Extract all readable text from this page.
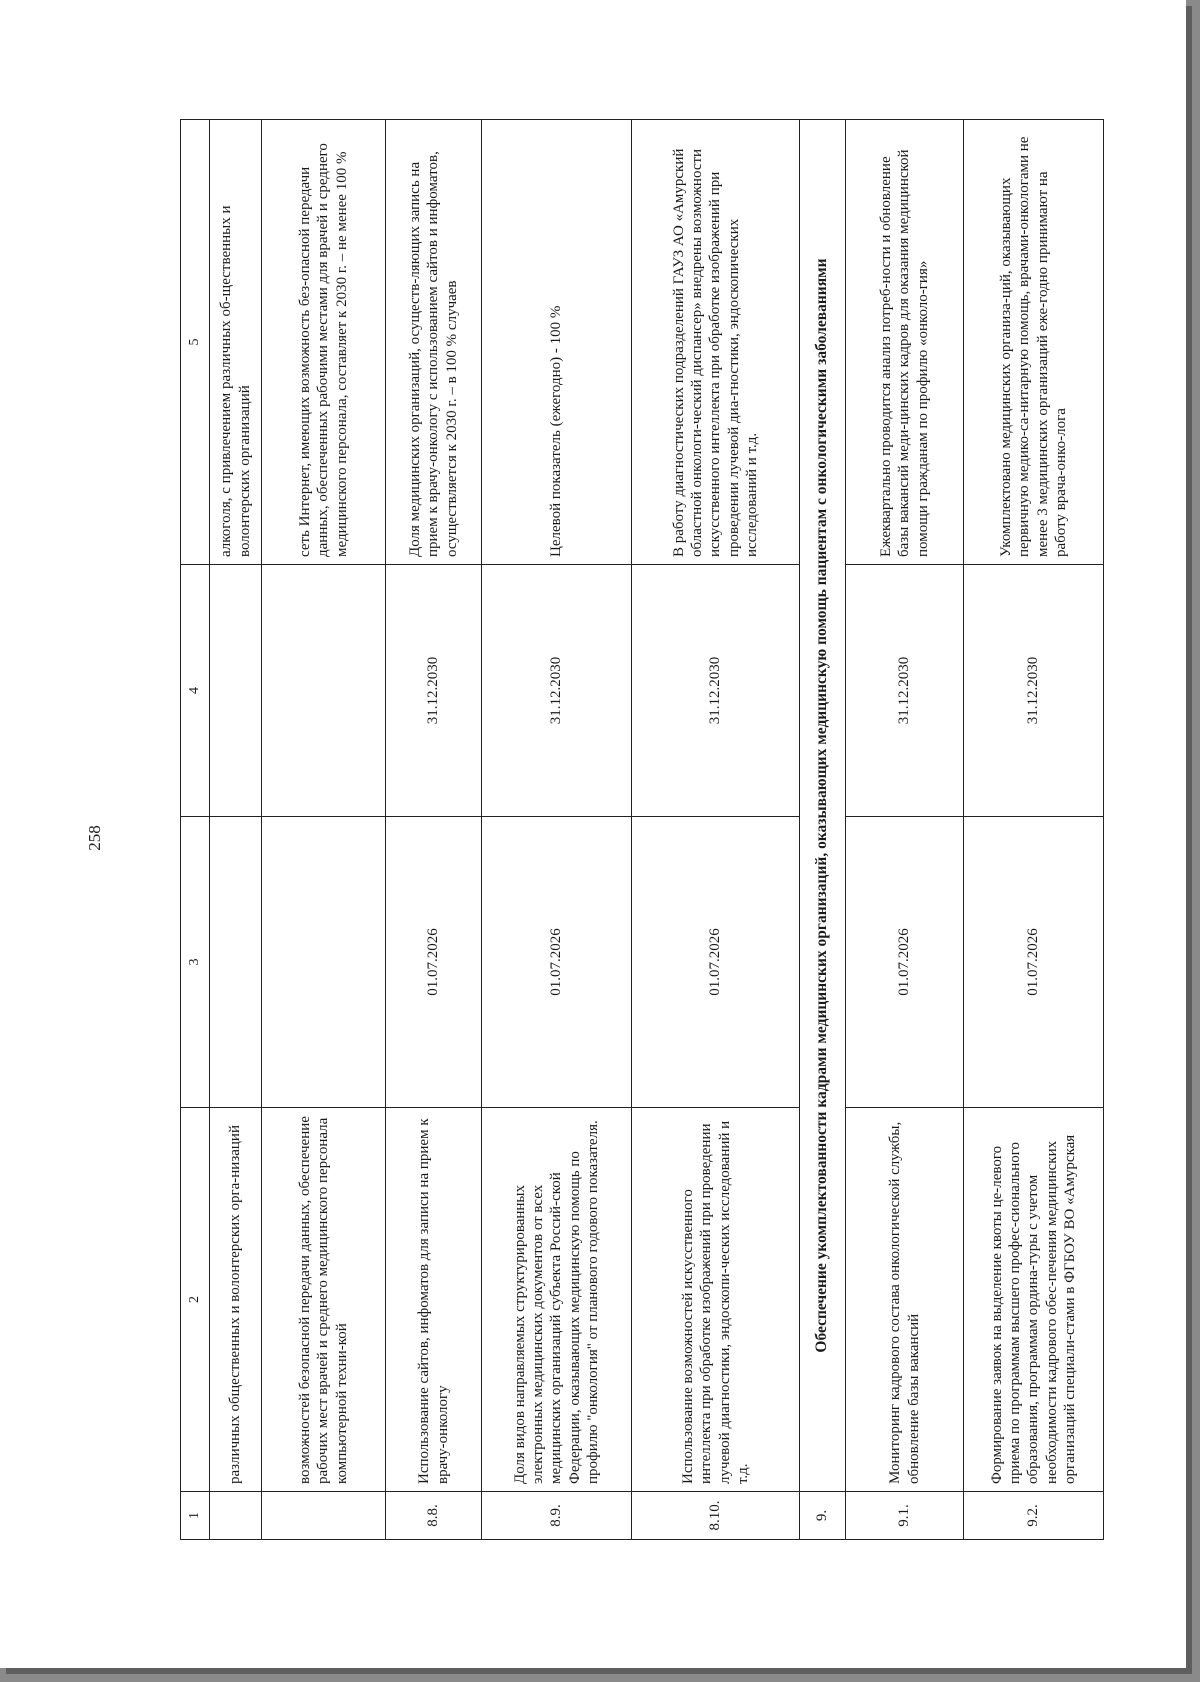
258
1	2	3	4	5
	различных общественных и волонтерских орга-низаций			алкоголя, с привлечением различных об-щественных и волонтерских организаций
	возможностей безопасной передачи данных, обеспечение рабочих мест врачей и среднего медицинского персонала компьютерной техни-кой			сеть Интернет, имеющих возможность без-опасной передачи данных, обеспеченных рабочими местами для врачей и среднего медицинского персонала, составляет к 2030 г. – не менее 100 %
8.8.	Использование сайтов, инфоматов для записи на прием к врачу-онкологу	01.07.2026	31.12.2030	Доля медицинских организаций, осуществ-ляющих запись на прием к врачу-онкологу с использованием сайтов и инфоматов, осуществляется к 2030 г. – в 100 % случаев
8.9.	Доля видов направляемых структурированных электронных медицинских документов от всех медицинских организаций субъекта Россий-ской Федерации, оказывающих медицинскую помощь по профилю "онкология" от планового годового показателя.	01.07.2026	31.12.2030	Целевой показатель (ежегодно) - 100 %
8.10.	Использование возможностей искусственного интеллекта при обработке изображений при проведении лучевой диагностики, эндоскопи-ческих исследований и т.д.	01.07.2026	31.12.2030	В работу диагностических подразделений ГАУЗ АО «Амурский областной онкологи-ческий диспансер» внедрены возможности искусственного интеллекта при обработке изображений при проведении лучевой диа-гностики, эндоскопических исследований и т.д.
9.	Обеспечение укомплектованности кадрами медицинских организаций, оказывающих медицинскую помощь пациентам с онкологическими заболеваниями			
9.1.	Мониторинг кадрового состава онкологической службы, обновление базы вакансий	01.07.2026	31.12.2030	Ежеквартально проводится анализ потреб-ности и обновление базы вакансий меди-цинских кадров для оказания медицинской помощи гражданам по профилю «онколо-гия»
9.2.	Формирование заявок на выделение квоты це-левого приема по программам высшего профес-сионального образования, программам ордина-туры с учетом необходимости кадрового обес-печения медицинских организаций специали-стами в ФГБОУ ВО «Амурская	01.07.2026	31.12.2030	Укомплектовано медицинских организа-ций, оказывающих первичную медико-са-нитарную помощь, врачами-онкологами не менее 3 медицинских организаций еже-годно принимают на работу врача-онко-лога
